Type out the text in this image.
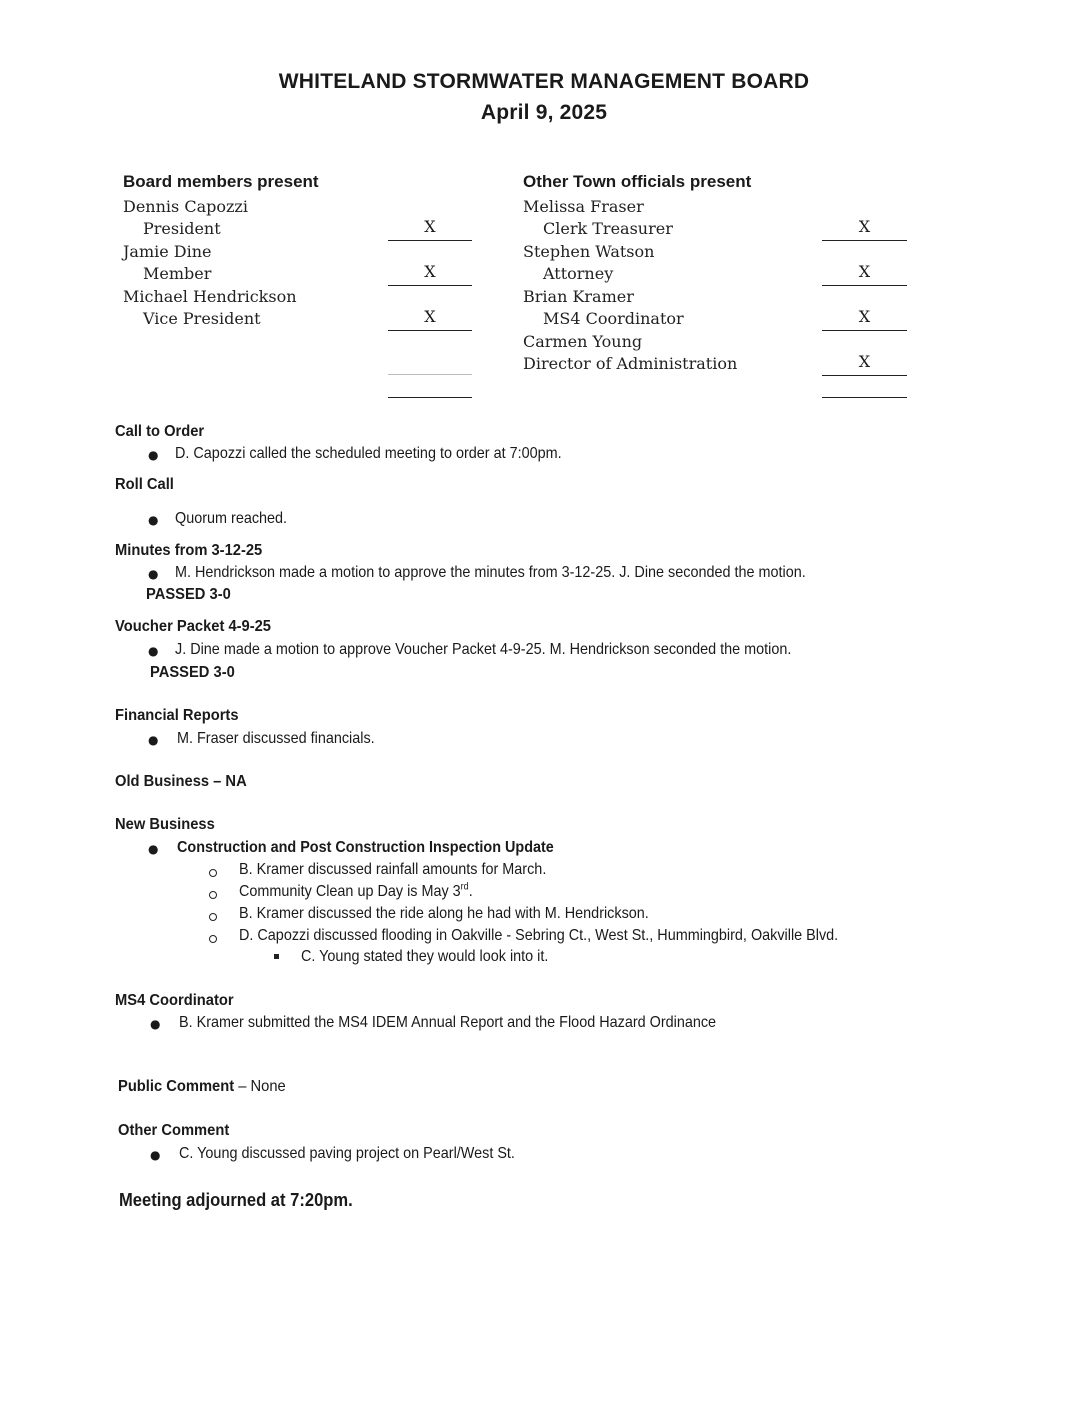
WHITELAND STORMWATER MANAGEMENT BOARD
April 9, 2025
Board members present
Dennis Capozzi
President	X
Jamie Dine
Member	X
Michael Hendrickson
Vice President	X
Other Town officials present
Melissa Fraser
Clerk Treasurer	X
Stephen Watson
Attorney	X
Brian Kramer
MS4 Coordinator	X
Carmen Young
Director of Administration	X
Call to Order
● D. Capozzi called the scheduled meeting to order at 7:00pm.
Roll Call
● Quorum reached.
Minutes from 3-12-25
● M. Hendrickson made a motion to approve the minutes from 3-12-25. J. Dine seconded the motion.
PASSED 3-0
Voucher Packet 4-9-25
● J. Dine made a motion to approve Voucher Packet 4-9-25. M. Hendrickson seconded the motion.
PASSED 3-0
Financial Reports
● M. Fraser discussed financials.
Old Business – NA
New Business
● Construction and Post Construction Inspection Update
B. Kramer discussed rainfall amounts for March.
Community Clean up Day is May 3rd.
B. Kramer discussed the ride along he had with M. Hendrickson.
D. Capozzi discussed flooding in Oakville - Sebring Ct., West St., Hummingbird, Oakville Blvd.
C. Young stated they would look into it.
MS4 Coordinator
● B. Kramer submitted the MS4 IDEM Annual Report and the Flood Hazard Ordinance
Public Comment – None
Other Comment
● C. Young discussed paving project on Pearl/West St.
Meeting adjourned at 7:20pm.
